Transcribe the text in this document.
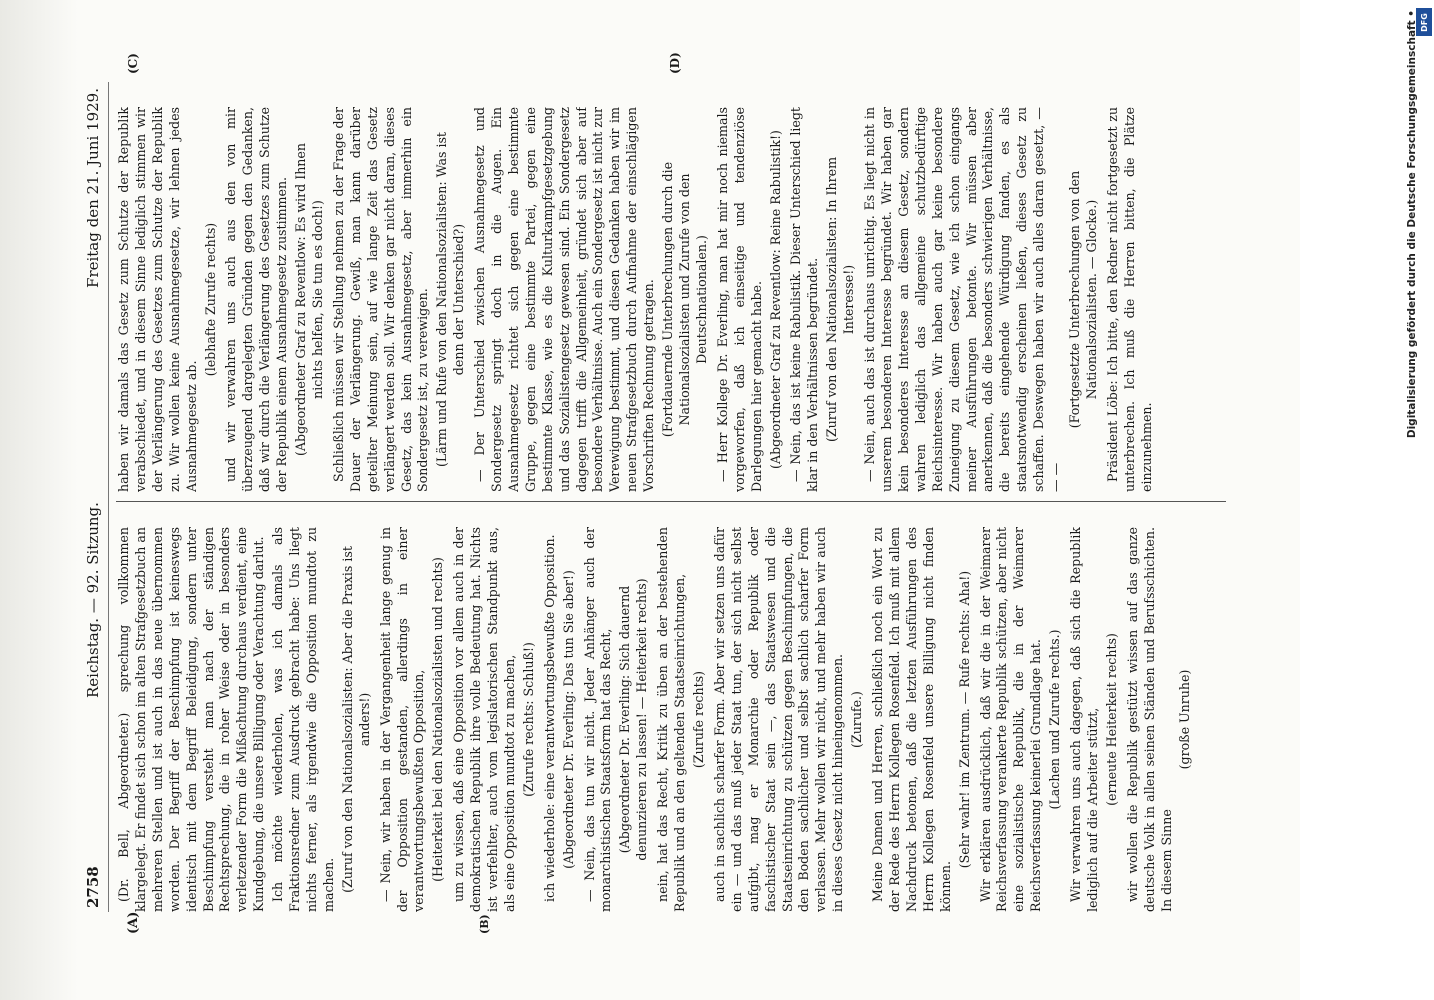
2758
Reichstag. — 92. Sitzung.
Freitag den 21. Juni 1929.
(A)	(B)
(C)	(D)

(Dr. Bell, Abgeordneter.) sprechung vollkommen klargelegt. Er findet sich schon im alten Strafgesetzbuch an mehreren Stellen und ist auch in das neue übernommen worden. Der Begriff der Beschimpfung ist keineswegs identisch mit dem Begriff Beleidigung, sondern unter Beschimpfung versteht man nach der ständigen Rechtsprechung, die in roher Weise oder in besonders verletzender Form die Mißachtung durchaus verdient, eine Kundgebung, die unsere Billigung oder Verachtung darlut. Ich möchte wiederholen, was ich damals als Fraktionsredner zum Ausdruck gebracht habe: Uns liegt nichts ferner, als irgendwie die Opposition mundtot zu machen. (Zuruf von den Nationalsozialisten: Aber die Praxis ist anders!) — Nein, wir haben in der Vergangenheit lange genug in der Opposition gestanden, allerdings in einer verantwortungsbewußten Opposition, (Heiterkeit bei den Nationalsozialisten und rechts) um zu wissen, daß eine Opposition vor allem auch in der demokratischen Republik ihre volle Bedeutung hat. Nichts ist verfehlter, auch vom legislatorischen Standpunkt aus, als eine Opposition mundtot zu machen, (Zurufe rechts: Schluß!) ich wiederhole: eine verantwortungsbewußte Opposition. (Abgeordneter Dr. Everling: Das tun Sie aber!) — Nein, das tun wir nicht. Jeder Anhänger auch der monarchistischen Staatsform hat das Recht, (Abgeordneter Dr. Everling: Sich dauernd denunzieren zu lassen! — Heiterkeit rechts) nein, hat das Recht, Kritik zu üben an der bestehenden Republik und an den geltenden Staatseinrichtungen, (Zurufe rechts) auch in sachlich scharfer Form. Aber wir setzen uns dafür ein — und das muß jeder Staat tun, der sich nicht selbst aufgibt, mag er Monarchie oder Republik oder faschistischer Staat sein —, das Staatswesen und die Staatseinrichtung zu schützen gegen Beschimpfungen, die den Boden sachlicher und selbst sachlich scharfer Form verlassen. Mehr wollen wir nicht, und mehr haben wir auch in dieses Gesetz nicht hineingenommen. (Zurufe.) Meine Damen und Herren, schließlich noch ein Wort zu der Rede des Herrn Kollegen Rosenfeld. Ich muß mit allem Nachdruck betonen, daß die letzten Ausführungen des Herrn Kollegen Rosenfeld unsere Billigung nicht finden können.

(Sehr wahr! im Zentrum. — Rufe rechts: Aha!) Wir erklären ausdrücklich, daß wir die in der Weimarer Reichsverfassung verankerte Republik schützen, aber nicht eine sozialistische Republik, die in der Weimarer Reichsverfassung keinerlei Grundlage hat. (Lachen und Zurufe rechts.) Wir verwahren uns auch dagegen, daß sich die Republik lediglich auf die Arbeiter stützt, (erneute Heiterkeit rechts) wir wollen die Republik gestützt wissen auf das ganze deutsche Volk in allen seinen Ständen und Berufsschichten. In diesem Sinne

(große Unruhe)

haben wir damals das Gesetz zum Schutze der Republik verabschiedet, und in diesem Sinne lediglich stimmen wir der Verlängerung des Gesetzes zum Schutze der Republik zu. Wir wollen keine Ausnahmegesetze, wir lehnen jedes Ausnahmegesetz ab.

(lebhafte Zurufe rechts) und wir verwahren uns auch aus den von mir überzeugend dargelegten Gründen gegen den Gedanken, daß wir durch die Verlängerung des Gesetzes zum Schutze der Republik einem Ausnahmegesetz zustimmen. (Abgeordneter Graf zu Reventlow: Es wird Ihnen nichts helfen, Sie tun es doch!) Schließlich müssen wir Stellung nehmen zu der Frage der Dauer der Verlängerung. Gewiß, man kann darüber geteilter Meinung sein, auf wie lange Zeit das Gesetz verlängert werden soll. Wir denken gar nicht daran, dieses Gesetz, das kein Ausnahmegesetz, aber immerhin ein Sondergesetz ist, zu verewigen. (Lärm und Rufe von den Nationalsozialisten: Was ist denn der Unterschied?) — Der Unterschied zwischen Ausnahmegesetz und Sondergesetz springt doch in die Augen. Ein Ausnahmegesetz richtet sich gegen eine bestimmte Gruppe, gegen eine bestimmte Partei, gegen eine bestimmte Klasse, wie es die Kulturkampfgesetzgebung und das Sozialistengesetz gewesen sind. Ein Sondergesetz dagegen trifft die Allgemeinheit, gründet sich aber auf besondere Verhältnisse. Auch ein Sondergesetz ist nicht zur Verewigung bestimmt, und diesen Gedanken haben wir im neuen Strafgesetzbuch durch Aufnahme der einschlägigen Vorschriften Rechnung getragen. (Fortdauernde Unterbrechungen durch die Nationalsozialisten und Zurufe von den Deutschnationalen.) — Herr Kollege Dr. Everling, man hat mir noch niemals vorgeworfen, daß ich einseitige und tendenziöse Darlegungen hier gemacht habe. (Abgeordneter Graf zu Reventlow: Reine Rabulistik!) — Nein, das ist keine Rabulistik. Dieser Unterschied liegt klar in den Verhältnissen begründet. (Zuruf von den Nationalsozialisten: In Ihrem Interesse!) — Nein, auch das ist durchaus unrichtig. Es liegt nicht in unserem besonderen Interesse begründet. Wir haben gar kein besonderes Interesse an diesem Gesetz, sondern wahren lediglich das allgemeine schutzbedürftige Reichsinteresse. Wir haben auch gar keine besondere Zuneigung zu diesem Gesetz, wie ich schon eingangs meiner Ausführungen betonte. Wir müssen aber anerkennen, daß die besonders schwierigen Verhältnisse, die bereits eingehende Würdigung fanden, es als staatsnotwendig erscheinen ließen, dieses Gesetz zu schaffen. Deswegen haben wir auch alles daran gesetzt, — — —

(Fortgesetzte Unterbrechungen von den Nationalsozialisten. — Glocke.) Präsident Löbe: Ich bitte, den Redner nicht fortgesetzt zu unterbrechen. Ich muß die Herren bitten, die Plätze einzunehmen.

DFG
Digitalisierung gefördert durch die Deutsche Forschungsgemeinschaft •
